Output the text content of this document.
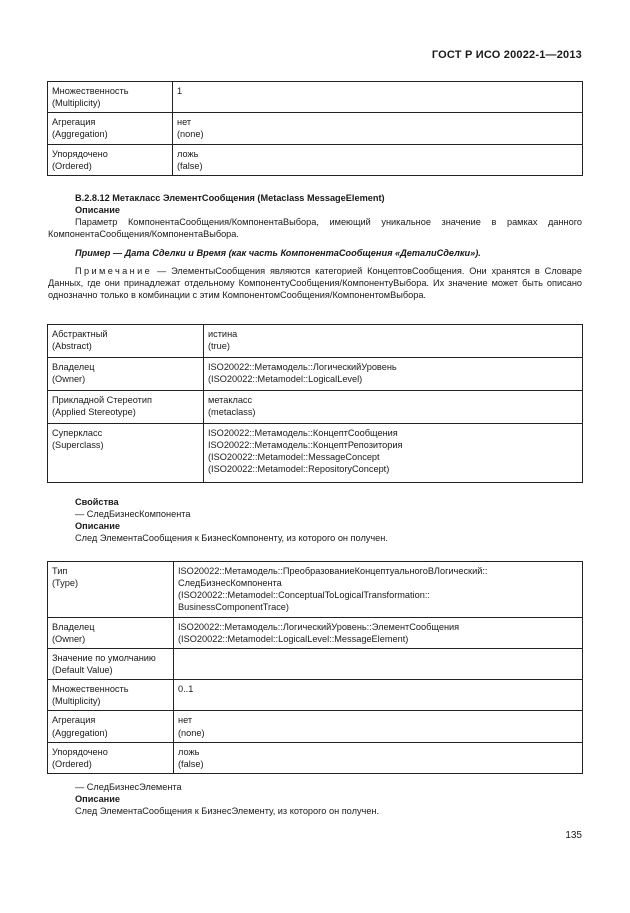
ГОСТ Р ИСО 20022-1—2013
Множественность
(Multiplicity)	1

Агрегация
(Aggregation)	нет
(none)

Упорядочено
(Ordered)	ложь
(false)
B.2.8.12 Метакласс ЭлементСообщения (Metaclass MessageElement)
Описание
Параметр КомпонентаСообщения/КомпонентаВыбора, имеющий уникальное значение в рамках данного КомпонентаСообщения/КомпонентаВыбора.
Пример — Дата Сделки и Время (как часть КомпонентаСообщения «ДеталиСделки»).
Примечание — ЭлементыСообщения являются категорией КонцептовСообщения. Они хранятся в Словаре Данных, где они принадлежат отдельному КомпонентуСообщения/КомпонентуВыбора. Их значение может быть описано однозначно только в комбинации с этим КомпонентомСообщения/КомпонентомВыбора.
Абстрактный
(Abstract)	истина
(true)

Владелец
(Owner)	ISO20022::Метамодель::ЛогическийУровень
(ISO20022::Metamodel::LogicalLevel)

Прикладной Стереотип
(Applied Stereotype)	метакласс
(metaclass)

Суперкласс
(Superclass)	ISO20022::Метамодель::КонцептСообщения
ISO20022::Метамодель::КонцептРепозитория
(ISO20022::Metamodel::MessageConcept
(ISO20022::Metamodel::RepositoryConcept)
Свойства
— СледБизнесКомпонента
Описание
След ЭлементаСообщения к БизнесКомпоненту, из которого он получен.
Тип
(Type)	ISO20022::Метамодель::ПреобразованиеКонцептуальногоВЛогический::
СледБизнесКомпонента
(ISO20022::Metamodel::ConceptualToLogicalTransformation::
BusinessComponentTrace)

Владелец
(Owner)	ISO20022::Метамодель::ЛогическийУровень::ЭлементСообщения
(ISO20022::Metamodel::LogicalLevel::MessageElement)

Значение по умолчанию
(Default Value)	

Множественность
(Multiplicity)	0..1

Агрегация
(Aggregation)	нет
(none)

Упорядочено
(Ordered)	ложь
(false)
— СледБизнесЭлемента
Описание
След ЭлементаСообщения к БизнесЭлементу, из которого он получен.
135
